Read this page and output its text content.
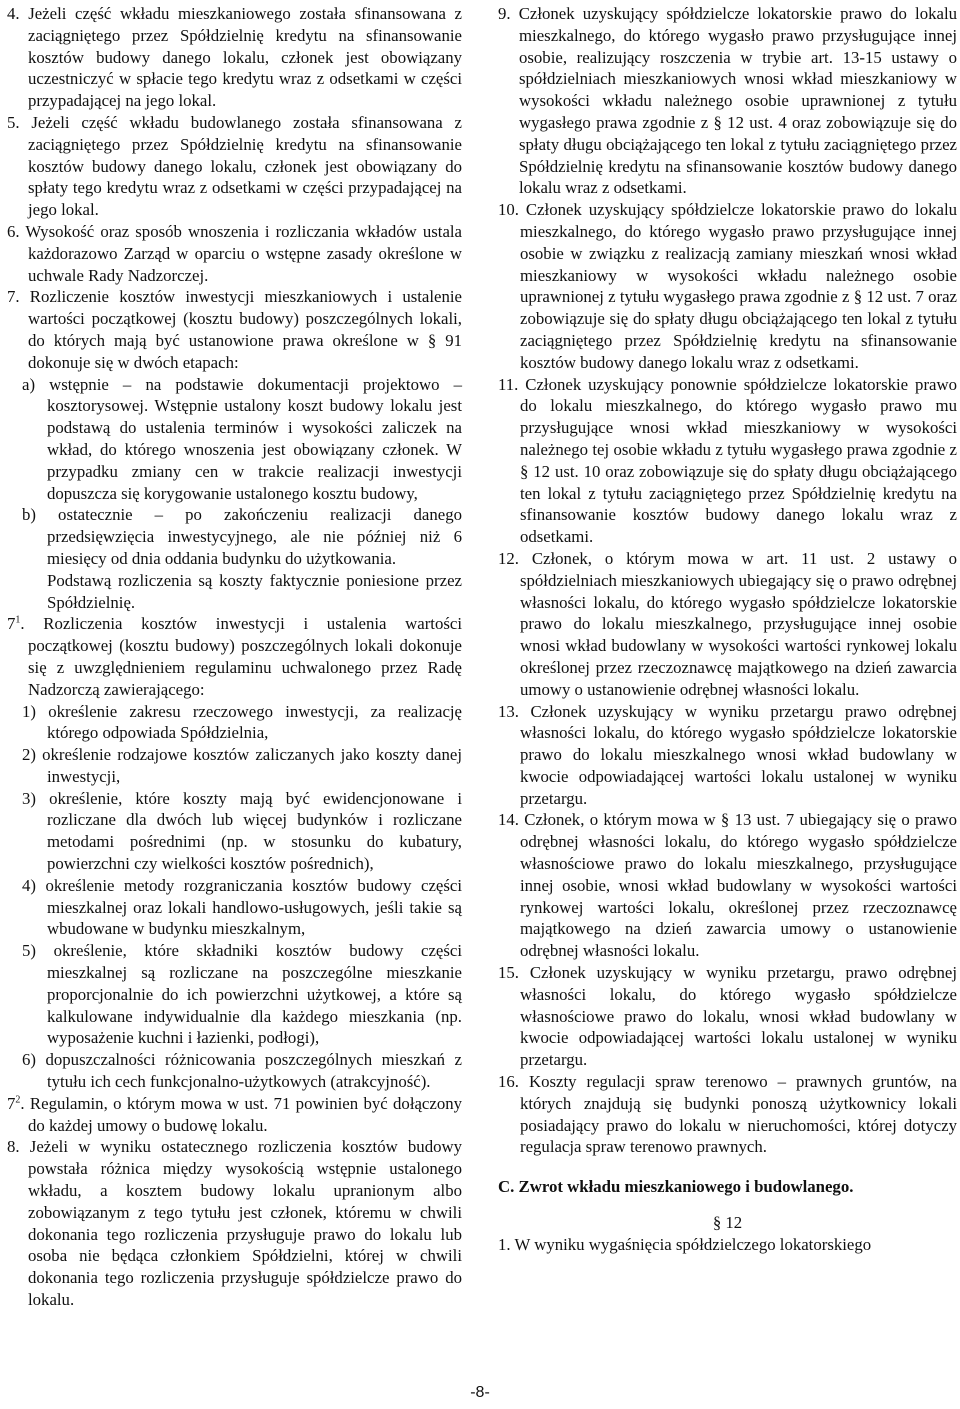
4. Jeżeli część wkładu mieszkaniowego została sfinansowana z zaciągniętego przez Spółdzielnię kredytu na sfinansowanie kosztów budowy danego lokalu, członek jest obowiązany uczestniczyć w spłacie tego kredytu wraz z odsetkami w części przypadającej na jego lokal.

5. Jeżeli część wkładu budowlanego została sfinansowana z zaciągniętego przez Spółdzielnię kredytu na sfinansowanie kosztów budowy danego lokalu, członek jest obowiązany do spłaty tego kredytu wraz z odsetkami w części przypadającej na jego lokal.

6. Wysokość oraz sposób wnoszenia i rozliczania wkładów ustala każdorazowo Zarząd w oparciu o wstępne zasady określone w uchwale Rady Nadzorczej.

7. Rozliczenie kosztów inwestycji mieszkaniowych i ustalenie wartości początkowej (kosztu budowy) poszczególnych lokali, do których mają być ustanowione prawa określone w § 91 dokonuje się w dwóch etapach:

a) wstępnie – na podstawie dokumentacji projektowo – kosztorysowej. Wstępnie ustalony koszt budowy lokalu jest podstawą do ustalenia terminów i wysokości zaliczek na wkład, do którego wnoszenia jest obowiązany członek. W przypadku zmiany cen w trakcie realizacji inwestycji dopuszcza się korygowanie ustalonego kosztu budowy,

b) ostatecznie – po zakończeniu realizacji danego przedsięwzięcia inwestycyjnego, ale nie później niż 6 miesięcy od dnia oddania budynku do użytkowania.

Podstawą rozliczenia są koszty faktycznie poniesione przez Spółdzielnię.

$7^1$. Rozliczenia kosztów inwestycji i ustalenia wartości początkowej (kosztu budowy) poszczególnych lokali dokonuje się z uwzględnieniem regulaminu uchwalonego przez Radę Nadzorczą zawierającego:

1) określenie zakresu rzeczowego inwestycji, za realizację którego odpowiada Spółdzielnia,
2) określenie rodzajowe kosztów zaliczanych jako koszty danej inwestycji,
3) określenie, które koszty mają być ewidencjonowane i rozliczane dla dwóch lub więcej budynków i rozliczane metodami pośrednimi (np. w stosunku do kubatury, powierzchni czy wielkości kosztów pośrednich),
4) określenie metody rozgraniczania kosztów budowy części mieszkalnej oraz lokali handlowo-usługowych, jeśli takie są wbudowane w budynku mieszkalnym,
5) określenie, które składniki kosztów budowy części mieszkalnej są rozliczane na poszczególne mieszkanie proporcjonalnie do ich powierzchni użytkowej, a które są kalkulowane indywidualnie dla każdego mieszkania (np. wyposażenie kuchni i łazienki, podłogi),
6) dopuszczalności różnicowania poszczególnych mieszkań z tytułu ich cech funkcjonalno-użytkowych (atrakcyjność).

$7^2$. Regulamin, o którym mowa w ust. 71 powinien być dołączony do każdej umowy o budowę lokalu.

8. Jeżeli w wyniku ostatecznego rozliczenia kosztów budowy powstała różnica między wysokością wstępnie ustalonego wkładu, a kosztem budowy lokalu upranionym albo zobowiązanym z tego tytułu jest członek, któremu w chwili dokonania tego rozliczenia przysługuje prawo do lokalu lub osoba nie będąca członkiem Spółdzielni, której w chwili dokonania tego rozliczenia przysługuje spółdzielcze prawo do lokalu.

9. Członek uzyskujący spółdzielcze lokatorskie prawo do lokalu mieszkalnego, do którego wygasło prawo przysługujące innej osobie, realizujący roszczenia w trybie art. 13-15 ustawy o spółdzielniach mieszkaniowych wnosi wkład mieszkaniowy w wysokości wkładu należnego osobie uprawnionej z tytułu wygasłego prawa zgodnie z § 12 ust. 4 oraz zobowiązuje się do spłaty długu obciążającego ten lokal z tytułu zaciągniętego przez Spółdzielnię kredytu na sfinansowanie kosztów budowy danego lokalu wraz z odsetkami.

10. Członek uzyskujący spółdzielcze lokatorskie prawo do lokalu mieszkalnego, do którego wygasło prawo przysługujące innej osobie w związku z realizacją zamiany mieszkań wnosi wkład mieszkaniowy w wysokości wkładu należnego osobie uprawnionej z tytułu wygasłego prawa zgodnie z § 12 ust. 7 oraz zobowiązuje się do spłaty długu obciążającego ten lokal z tytułu zaciągniętego przez Spółdzielnię kredytu na sfinansowanie kosztów budowy danego lokalu wraz z odsetkami.

11. Członek uzyskujący ponownie spółdzielcze lokatorskie prawo do lokalu mieszkalnego, do którego wygasło prawo mu przysługujące wnosi wkład mieszkaniowy w wysokości należnego tej osobie wkładu z tytułu wygasłego prawa zgodnie z § 12 ust. 10 oraz zobowiązuje się do spłaty długu obciążającego ten lokal z tytułu zaciągniętego przez Spółdzielnię kredytu na sfinansowanie kosztów budowy danego lokalu wraz z odsetkami.

12. Członek, o którym mowa w art. 11 ust. 2 ustawy o spółdzielniach mieszkaniowych ubiegający się o prawo odrębnej własności lokalu, do którego wygasło spółdzielcze lokatorskie prawo do lokalu mieszkalnego, przysługujące innej osobie wnosi wkład budowlany w wysokości wartości rynkowej lokalu określonej przez rzeczoznawcę majątkowego na dzień zawarcia umowy o ustanowienie odrębnej własności lokalu.

13. Członek uzyskujący w wyniku przetargu prawo odrębnej własności lokalu, do którego wygasło spółdzielcze lokatorskie prawo do lokalu mieszkalnego wnosi wkład budowlany w kwocie odpowiadającej wartości lokalu ustalonej w wyniku przetargu.

14. Członek, o którym mowa w § 13 ust. 7 ubiegający się o prawo odrębnej własności lokalu, do którego wygasło spółdzielcze własnościowe prawo do lokalu mieszkalnego, przysługujące innej osobie, wnosi wkład budowlany w wysokości wartości rynkowej wartości lokalu, określonej przez rzeczoznawcę majątkowego na dzień zawarcia umowy o ustanowienie odrębnej własności lokalu.

15. Członek uzyskujący w wyniku przetargu, prawo odrębnej własności lokalu, do którego wygasło spółdzielcze własnościowe prawo do lokalu, wnosi wkład budowlany w kwocie odpowiadającej wartości lokalu ustalonej w wyniku przetargu.

16. Koszty regulacji spraw terenowo – prawnych gruntów, na których znajdują się budynki ponoszą użytkownicy lokali posiadający prawo do lokalu w nieruchomości, której dotyczy regulacja spraw terenowo prawnych.

C. Zwrot wkładu mieszkaniowego i budowlanego.

§ 12

1. W wyniku wygaśnięcia spółdzielczego lokatorskiego

-8-
